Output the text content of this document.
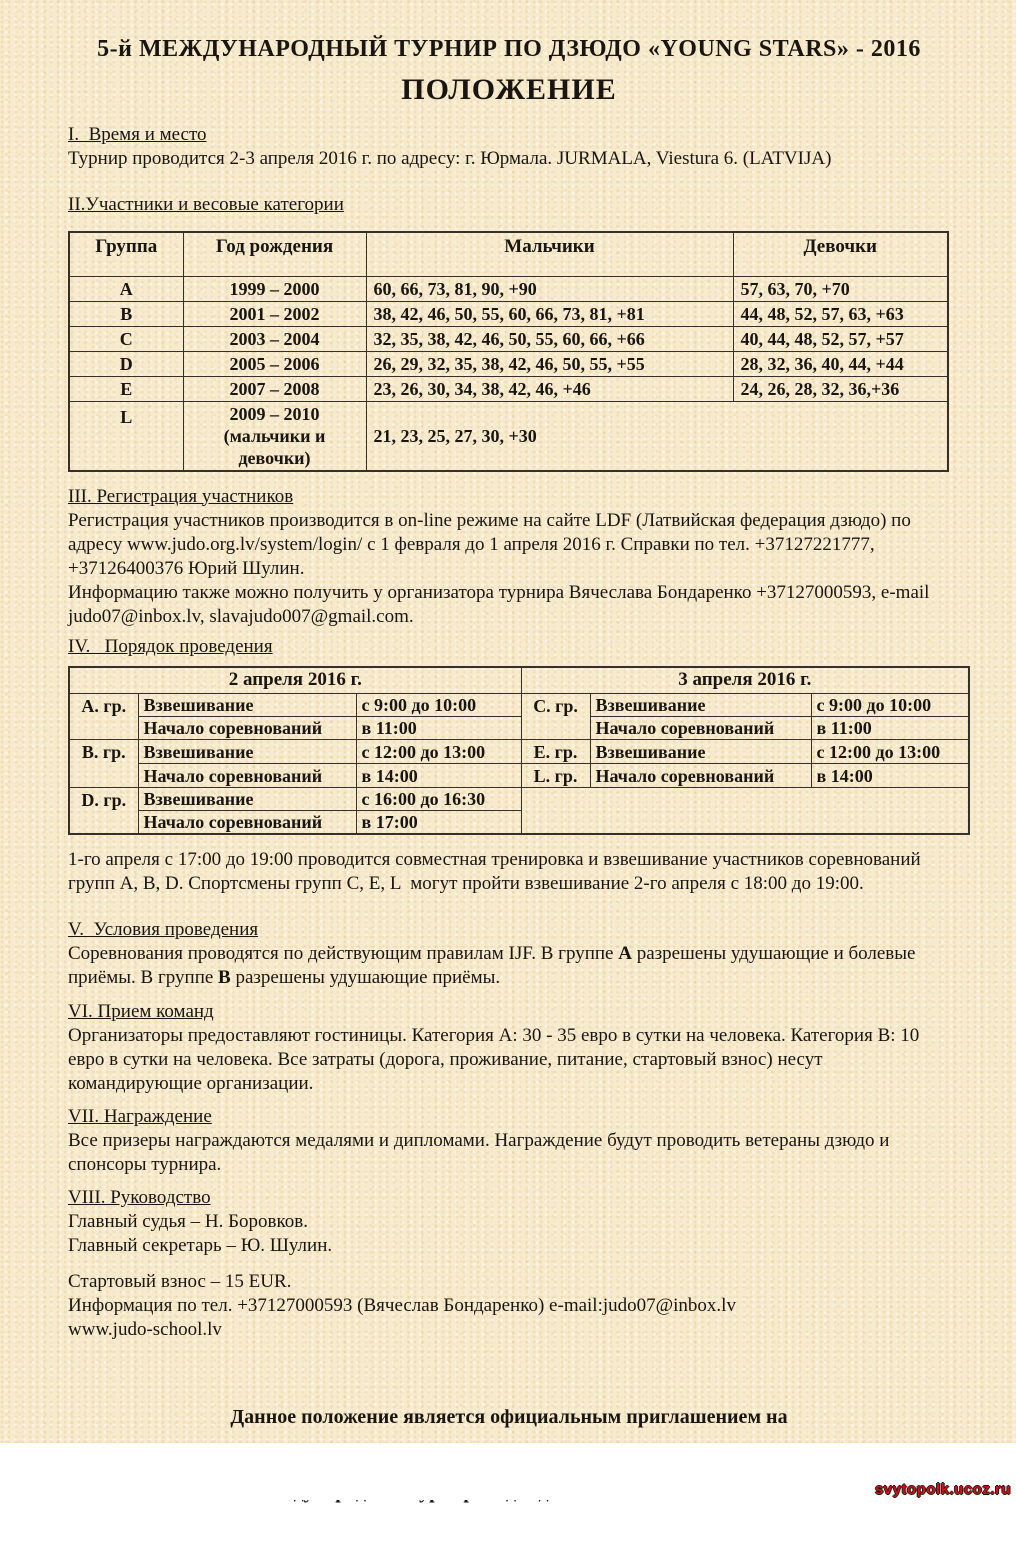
5-й МЕЖДУНАРОДНЫЙ ТУРНИР ПО ДЗЮДО «YOUNG STARS» - 2016
ПОЛОЖЕНИЕ
I.  Время и место
Турнир проводится 2-3 апреля 2016 г. по адресу: г. Юрмала. JURMALA, Viestura 6. (LATVIJA)
II.Участники и весовые категории
Группа	Год рождения	Мальчики	Девочки
A	1999 – 2000	60, 66, 73, 81, 90, +90	57, 63, 70, +70
B	2001 – 2002	38, 42, 46, 50, 55, 60, 66, 73, 81, +81	44, 48, 52, 57, 63, +63
C	2003 – 2004	32, 35, 38, 42, 46, 50, 55, 60, 66, +66	40, 44, 48, 52, 57, +57
D	2005 – 2006	26, 29, 32, 35, 38, 42, 46, 50, 55, +55	28, 32, 36, 40, 44, +44
E	2007 – 2008	23, 26, 30, 34, 38, 42, 46, +46	24, 26, 28, 32, 36,+36
L	2009 – 2010 (мальчики и девочки)	21, 23, 25, 27, 30, +30	
III. Регистрация участников
Регистрация участников производится в on-line режиме на сайте LDF (Латвийская федерация дзюдо) по адресу www.judo.org.lv/system/login/ с 1 февраля до 1 апреля 2016 г. Справки по тел. +37127221777, +37126400376 Юрий Шулин.
Информацию также можно получить у организатора турнира Вячеслава Бондаренко +37127000593, e-mail judo07@inbox.lv, slavajudo007@gmail.com.
IV.   Порядок проведения
2 апреля 2016 г.			3 апреля 2016 г.		
А. гр.	Взвешивание	с 9:00 до 10:00	С. гр.	Взвешивание	с 9:00 до 10:00
	Начало соревнований	в 11:00		Начало соревнований	в 11:00
В. гр.	Взвешивание	с 12:00 до 13:00	Е. гр.	Взвешивание	с 12:00 до 13:00
	Начало соревнований	в 14:00	L. гр.	Начало соревнований	в 14:00
D. гр.	Взвешивание	с 16:00 до 16:30			
	Начало соревнований	в 17:00			
1-го апреля с 17:00 до 19:00 проводится совместная тренировка и взвешивание участников соревнований групп А, В, D. Спортсмены групп С, Е, L  могут пройти взвешивание 2-го апреля с 18:00 до 19:00.
V.  Условия проведения
Соревнования проводятся по действующим правилам IJF. В группе А разрешены удушающие и болевые приёмы. В группе В разрешены удушающие приёмы.
VI. Прием команд
Организаторы предоставляют гостиницы. Категория А: 30 - 35 евро в сутки на человека. Категория В: 10 евро в сутки на человека. Все затраты (дорога, проживание, питание, стартовый взнос) несут командирующие организации.
VII. Награждение
Все призеры награждаются медалями и дипломами. Награждение будут проводить ветераны дзюдо и спонсоры турнира.
VIII. Руководство
Главный судья – Н. Боровков.
Главный секретарь – Ю. Шулин.
Стартовый взнос – 15 EUR.
Информация по тел. +37127000593 (Вячеслав Бондаренко) e-mail:judo07@inbox.lv
www.judo-school.lv

Данное положение является официальным приглашением на

svytopolk.ucoz.ru
